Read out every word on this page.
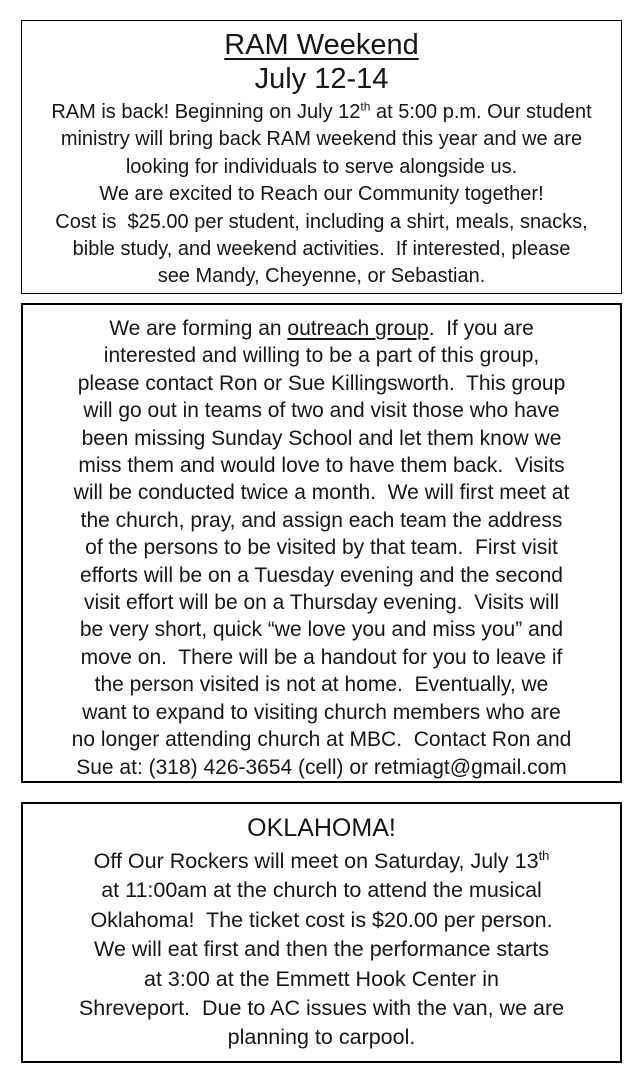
RAM Weekend
July 12-14
RAM is back! Beginning on July 12th at 5:00 p.m. Our student
ministry will bring back RAM weekend this year and we are
looking for individuals to serve alongside us.
We are excited to Reach our Community together!
Cost is  $25.00 per student, including a shirt, meals, snacks,
bible study, and weekend activities.  If interested, please
see Mandy, Cheyenne, or Sebastian.
We are forming an outreach group.  If you are
interested and willing to be a part of this group,
please contact Ron or Sue Killingsworth.  This group
will go out in teams of two and visit those who have
been missing Sunday School and let them know we
miss them and would love to have them back.  Visits
will be conducted twice a month.  We will first meet at
the church, pray, and assign each team the address
of the persons to be visited by that team.  First visit
efforts will be on a Tuesday evening and the second
visit effort will be on a Thursday evening.  Visits will
be very short, quick “we love you and miss you” and
move on.  There will be a handout for you to leave if
the person visited is not at home.  Eventually, we
want to expand to visiting church members who are
no longer attending church at MBC.  Contact Ron and
Sue at: (318) 426-3654 (cell) or retmiagt@gmail.com
OKLAHOMA!
Off Our Rockers will meet on Saturday, July 13th
at 11:00am at the church to attend the musical
Oklahoma!  The ticket cost is $20.00 per person.
We will eat first and then the performance starts
at 3:00 at the Emmett Hook Center in
Shreveport.  Due to AC issues with the van, we are
planning to carpool.
